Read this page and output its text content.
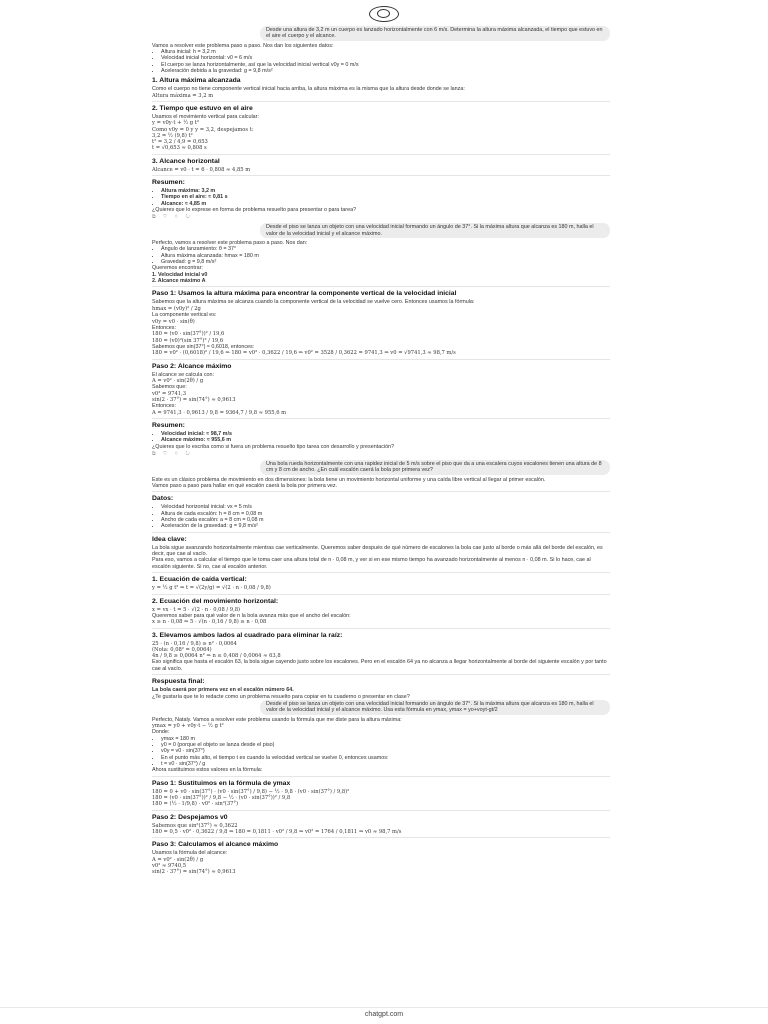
Desde una altura de 3,2 m un cuerpo es lanzado horizontalmente con 6 m/s. Determina la altura máxima alcanzada, el tiempo que estuvo en el aire el cuerpo y el alcance.

Vamos a resolver este problema paso a paso. Nos dan los siguientes datos:

• Altura inicial: h = 3,2 m
• Velocidad inicial horizontal: v0 = 6 m/s
• El cuerpo se lanza horizontalmente, así que la velocidad inicial vertical v0y = 0 m/s
• Aceleración debida a la gravedad: g = 9,8 m/s²
1. Altura máxima alcanzada

Como el cuerpo no tiene componente vertical inicial hacia arriba, la altura máxima es la misma que la altura desde donde se lanza:

Altura máxima = 3,2 m

2. Tiempo que estuvo en el aire

Usamos el movimiento vertical para calcular:

y = v0y·t + ½ g t²

Como v0y = 0 y y = 3,2, despejamos t:

3,2 = ½ (9,8) t²

t² = 3,2 / 4,9 = 0,653

t = √0,653 ≈ 0,808 s

3. Alcance horizontal

Alcance = v0 · t = 6 · 0,808 ≈ 4,85 m

Resumen:
• Altura máxima: 3,2 m
• Tiempo en el aire: ≈ 0,81 s
• Alcance: ≈ 4,85 m

¿Quieres que lo exprese en forma de problema resuelto para presentar o para tarea?

⧉ ♡ ♢ ↻
Desde el piso se lanza un objeto con una velocidad inicial formando un ángulo de 37°. Si la máxima altura que alcanza es 180 m, halla el valor de la velocidad inicial y el alcance máximo.

Perfecto, vamos a resolver este problema paso a paso. Nos dan:

• Ángulo de lanzamiento: θ = 37°
• Altura máxima alcanzada: hmax = 180 m
• Gravedad: g = 9,8 m/s²

Queremos encontrar:

1. Velocidad inicial v0

2. Alcance máximo A

Paso 1: Usamos la altura máxima para encontrar la componente vertical de la velocidad inicial

Sabemos que la altura máxima se alcanza cuando la componente vertical de la velocidad se vuelve cero. Entonces usamos la fórmula:

hmax = (v0y)² / 2g

La componente vertical es:

v0y = v0 · sin(θ)

Entonces:

180 = (v0 · sin(37°))² / 19,6

180 = (v0)²(sin 37°)² / 19,6

Sabemos que sin(37°) ≈ 0,6018, entonces:

180 = v0² · (0,6018)² / 19,6 ⇒ 180 = v0² · 0,3622 / 19,6 ⇒ v0² = 3528 / 0,3622 = 9741,3 ⇒ v0 = √9741,3 ≈ 98,7 m/s

Paso 2: Alcance máximo

El alcance se calcula con:

A = v0² · sin(2θ) / g

Sabemos que:

v0² = 9741,3

sin(2 · 37°) = sin(74°) ≈ 0,9613

Entonces:

A = 9741,3 · 0,9613 / 9,8 = 9364,7 / 9,8 ≈ 955,6 m

Resumen:
• Velocidad inicial: ≈ 98,7 m/s
• Alcance máximo: ≈ 955,6 m

¿Quieres que lo escriba como si fuera un problema resuelto tipo tarea con desarrollo y presentación?

⧉ ♡ ♢ ↻
Una bola rueda horizontalmente con una rapidez inicial de 5 m/s sobre el piso que da a una escalera cuyos escalones tienen una altura de 8 cm y 8 cm de ancho. ¿En cuál escalón caerá la bola por primera vez?

Este es un clásico problema de movimiento en dos dimensiones: la bola tiene un movimiento horizontal uniforme y una caída libre vertical al llegar al primer escalón.

Vamos paso a paso para hallar en qué escalón caerá la bola por primera vez.

Datos:
• Velocidad horizontal inicial: vx = 5 m/s
• Altura de cada escalón: h = 8 cm = 0,08 m
• Ancho de cada escalón: a = 8 cm = 0,08 m
• Aceleración de la gravedad: g = 9,8 m/s²
Idea clave:

La bola sigue avanzando horizontalmente mientras cae verticalmente. Queremos saber después de qué número de escalones la bola cae justo al borde o más allá del borde del escalón, es decir, que cae al vacío.

Para eso, vamos a calcular el tiempo que le toma caer una altura total de n · 0,08 m, y ver si en ese mismo tiempo ha avanzado horizontalmente al menos n · 0,08 m. Si lo hace, cae al escalón siguiente. Si no, cae al escalón anterior.

1. Ecuación de caída vertical:

y = ½ g t² ⇒ t = √(2y/g) = √(2 · n · 0,08 / 9,8)

2. Ecuación del movimiento horizontal:

x = vx · t = 5 · √(2 · n · 0,08 / 9,8)

Queremos saber para qué valor de n la bola avanza más que el ancho del escalón:

x ≥ n · 0,08 ⇒ 5 · √(n · 0,16 / 9,8) ≥ n · 0,08

3. Elevamos ambos lados al cuadrado para eliminar la raíz:

25 · (n · 0,16 / 9,8) ≥ n² · 0,0064

(Nota: 0,08² = 0,0064)

4n / 9,8 ≥ 0,0064 n² ⇒ n ≤ 0,408 / 0,0064 ≈ 63,8

Eso significa que hasta el escalón 63, la bola sigue cayendo justo sobre los escalones. Pero en el escalón 64 ya no alcanza a llegar horizontalmente al borde del siguiente escalón y por tanto cae al vacío.

Respuesta final:

La bola caerá por primera vez en el escalón número 64.

¿Te gustaría que te lo redacte como un problema resuelto para copiar en tu cuaderno o presentar en clase?

Desde el piso se lanza un objeto con una velocidad inicial formando un ángulo de 37°. Si la máxima altura que alcanza es 180 m, halla el valor de la velocidad inicial y el alcance máximo. Usa esta fórmula en ymax, ymax = yo+voyt-gt/2

Perfecto, Nataly. Vamos a resolver este problema usando la fórmula que me diste para la altura máxima:

ymax = y0 + v0y·t − ½ g t²

Donde:

• ymax = 180 m
• y0 = 0 (porque el objeto se lanza desde el piso)
• v0y = v0 · sin(37°)
• En el punto más alto, el tiempo t es cuando la velocidad vertical se vuelve 0, entonces usamos:
• t = v0 · sin(37°) / g

Ahora sustituimos estos valores en la fórmula:

Paso 1: Sustituimos en la fórmula de ymax

180 = 0 + v0 · sin(37°) · (v0 · sin(37°) / 9,8) − ½ · 9,8 · (v0 · sin(37°) / 9,8)²

180 = (v0 · sin(37°))² / 9,8 − ½ · (v0 · sin(37°))² / 9,8

180 = (½ · 1/9,8) · v0² · sin²(37°)

Paso 2: Despejamos v0

Sabemos que sin²(37°) ≈ 0,3622

180 = 0,5 · v0² · 0,3622 / 9,8 ⇒ 180 = 0,1811 · v0² / 9,8 ⇒ v0² = 1764 / 0,1811 ⇒ v0 ≈ 98,7 m/s

Paso 3: Calculamos el alcance máximo

Usamos la fórmula del alcance:

A = v0² · sin(2θ) / g

v0² ≈ 9740,5

sin(2 · 37°) = sin(74°) ≈ 0,9613

chatgpt.com
